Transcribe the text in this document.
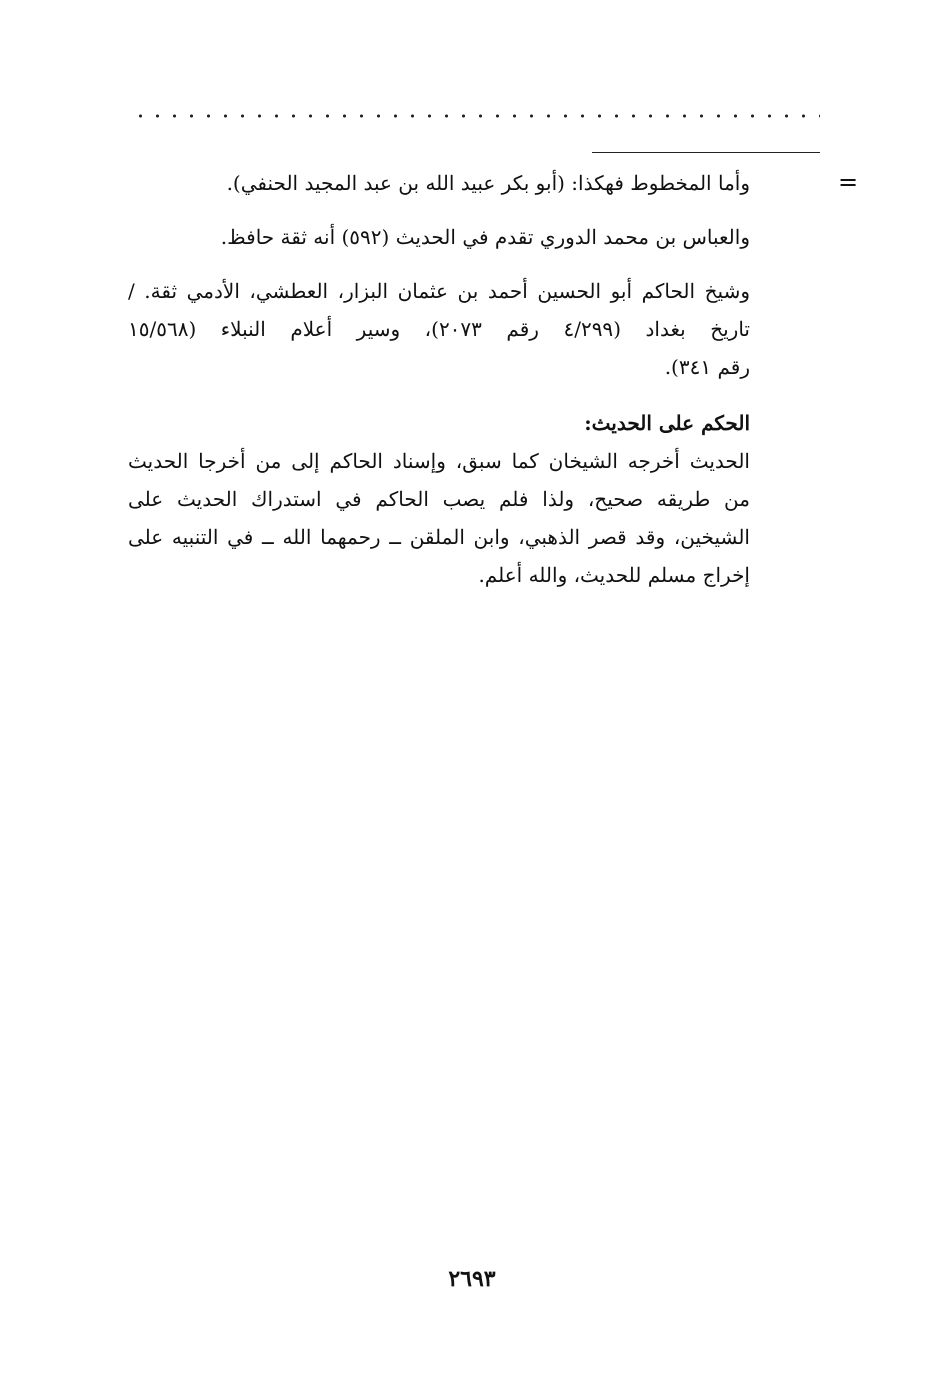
=
وأما المخطوط فهكذا: (أبو بكر عبيد الله بن عبد المجيد الحنفي).
والعباس بن محمد الدوري تقدم في الحديث (٥٩٢) أنه ثقة حافظ.
وشيخ الحاكم أبو الحسين أحمد بن عثمان البزار، العطشي، الأدمي ثقة. /
تاريخ بغداد (٤/٢٩٩ رقم ٢٠٧٣)، وسير أعلام النبلاء (١٥/٥٦٨
رقم ٣٤١).
الحكم على الحديث:
الحديث أخرجه الشيخان كما سبق، وإسناد الحاكم إلى من أخرجا الحديث
من طريقه صحيح، ولذا فلم يصب الحاكم في استدراك الحديث على
الشيخين، وقد قصر الذهبي، وابن الملقن ــ رحمهما الله ــ في التنبيه على
إخراج مسلم للحديث، والله أعلم.
٢٦٩٣
